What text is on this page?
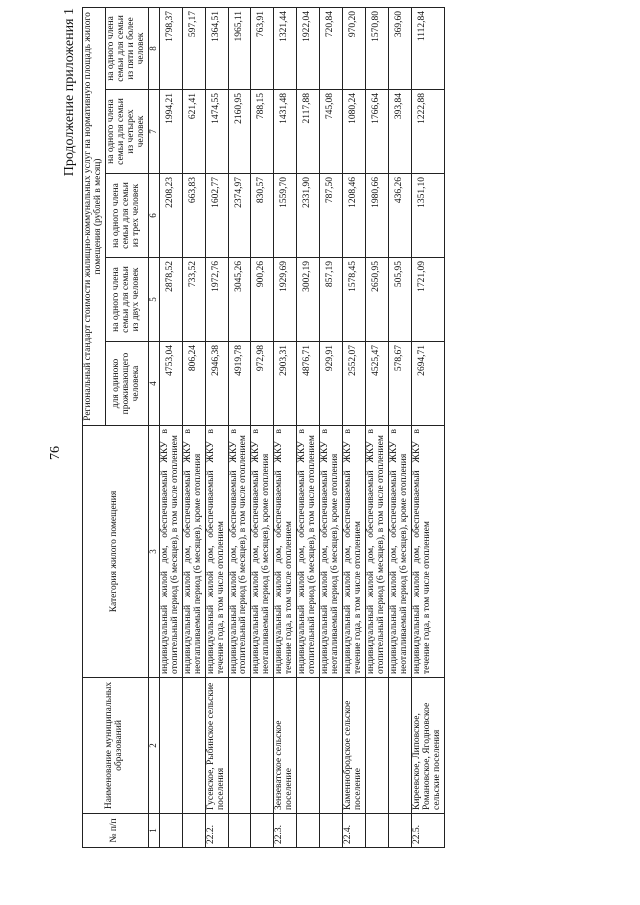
76
Продолжение приложения 1
№ п/п	Наименование муниципальных образований	Категория жилого помещения	Региональный стандарт стоимости жилищно-коммунальных услуг на нормативную площадь жилого помещения (рублей в месяц)				
			для одиноко проживающего человека	на одного члена семьи для семьи из двух человек	на одного члена семьи для семьи из трех человек	на одного члена семьи для семьи из четырех человек	на одного члена семьи для семьи из пяти и более человек
1	2	3	4	5	6	7	8
		индивидуальный жилой дом, обеспечиваемый ЖКУ в отопительный период (6 месяцев), в том числе отоплением	4753,04	2878,52	2208,23	1994,21	1798,37
		индивидуальный жилой дом, обеспечиваемый ЖКУ в неотапливаемый период (6 месяцев), кроме отопления	806,24	733,52	663,83	621,41	597,17
22.2.	Гусевское, Рыбинское сельские поселения	индивидуальный жилой дом, обеспечиваемый ЖКУ в течение года, в том числе отоплением	2946,38	1972,76	1602,77	1474,55	1364,51
		индивидуальный жилой дом, обеспечиваемый ЖКУ в отопительный период (6 месяцев), в том числе отоплением	4919,78	3045,26	2374,97	2160,95	1965,11
		индивидуальный жилой дом, обеспечиваемый ЖКУ в неотапливаемый период (6 месяцев), кроме отопления	972,98	900,26	830,57	788,15	763,91
22.3.	Зензеватское сельское поселение	индивидуальный жилой дом, обеспечиваемый ЖКУ в течение года, в том числе отоплением	2903,31	1929,69	1559,70	1431,48	1321,44
		индивидуальный жилой дом, обеспечиваемый ЖКУ в отопительный период (6 месяцев), в том числе отоплением	4876,71	3002,19	2331,90	2117,88	1922,04
		индивидуальный жилой дом, обеспечиваемый ЖКУ в неотапливаемый период (6 месяцев), кроме отопления	929,91	857,19	787,50	745,08	720,84
22.4.	Каменнобродское сельское поселение	индивидуальный жилой дом, обеспечиваемый ЖКУ в течение года, в том числе отоплением	2552,07	1578,45	1208,46	1080,24	970,20
		индивидуальный жилой дом, обеспечиваемый ЖКУ в отопительный период (6 месяцев), в том числе отоплением	4525,47	2650,95	1980,66	1766,64	1570,80
		индивидуальный жилой дом, обеспечиваемый ЖКУ в неотапливаемый период (6 месяцев), кроме отопления	578,67	505,95	436,26	393,84	369,60
22.5.	Киреевское, Липовское, Романовское, Ягодновское сельские поселения	индивидуальный жилой дом, обеспечиваемый ЖКУ в течение года, в том числе отоплением	2694,71	1721,09	1351,10	1222,88	1112,84
